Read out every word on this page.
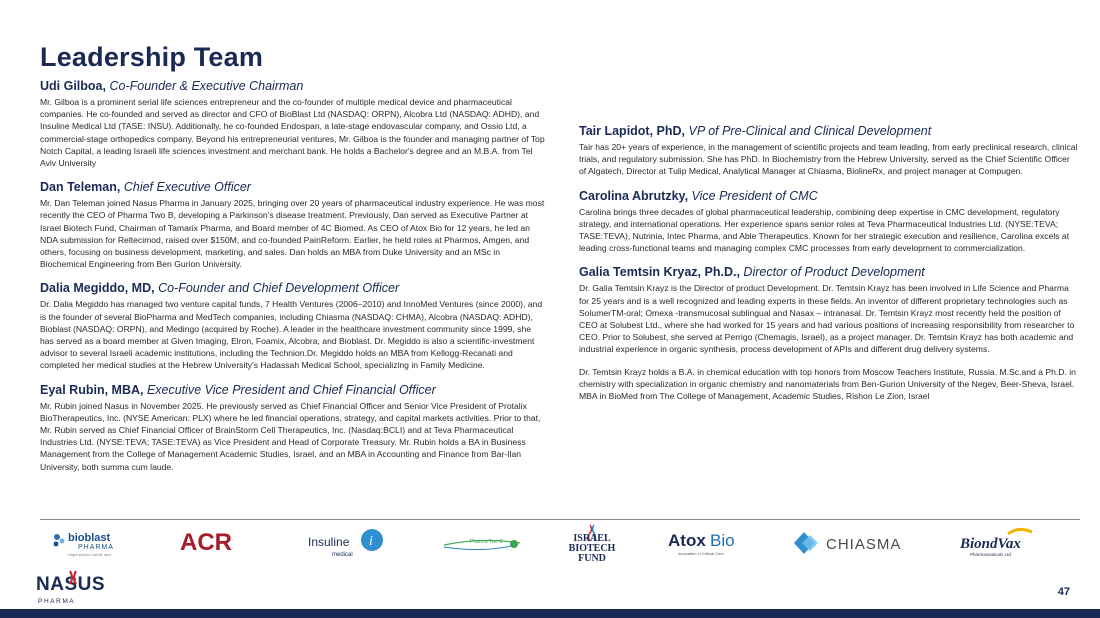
Leadership Team
Udi Gilboa, Co-Founder & Executive Chairman

Mr. Gilboa is a prominent serial life sciences entrepreneur and the co-founder of multiple medical device and pharmaceutical companies. He co-founded and served as director and CFO of BioBlast Ltd (NASDAQ: ORPN), Alcobra Ltd (NASDAQ: ADHD), and Insuline Medical Ltd (TASE: INSU). Additionally, he co-founded Endospan, a late-stage endovascular company, and Ossio Ltd, a commercial-stage orthopedics company. Beyond his entrepreneurial ventures, Mr. Gilboa is the founder and managing partner of Top Notch Capital, a leading Israeli life sciences investment and merchant bank. He holds a Bachelor's degree and an M.B.A. from Tel Aviv University

Dan Teleman, Chief Executive Officer

Mr. Dan Teleman joined Nasus Pharma in January 2025, bringing over 20 years of pharmaceutical industry experience. He was most recently the CEO of Pharma Two B, developing a Parkinson's disease treatment. Previously, Dan served as Executive Partner at Israel Biotech Fund, Chairman of Tamarix Pharma, and Board member of 4C Biomed. As CEO of Atox Bio for 12 years, he led an NDA submission for Reltecimod, raised over $150M, and co-founded PainReform. Earlier, he held roles at Pharmos, Amgen, and others, focusing on business development, marketing, and sales. Dan holds an MBA from Duke University and an MSc in Biochemical Engineering from Ben Gurion University.

Dalia Megiddo, MD, Co-Founder and Chief Development Officer

Dr. Dalia Megiddo has managed two venture capital funds, 7 Health Ventures (2006–2010) and InnoMed Ventures (since 2000), and is the founder of several BioPharma and MedTech companies, including Chiasma (NASDAQ: CHMA), Alcobra (NASDAQ: ADHD), Bioblast (NASDAQ: ORPN), and Medingo (acquired by Roche). A leader in the healthcare investment community since 1999, she has served as a board member at Given Imaging, Elron, Foamix, Alcobra, and Bioblast. Dr. Megiddo is also a scientific-investment advisor to several Israeli academic institutions, including the Technion.Dr. Megiddo holds an MBA from Kellogg-Recanati and completed her medical studies at the Hebrew University's Hadassah Medical School, specializing in Family Medicine.

Eyal Rubin, MBA, Executive Vice President and Chief Financial Officer

Mr. Rubin joined Nasus in November 2025. He previously served as Chief Financial Officer and Senior Vice President of Protalix BioTherapeutics, Inc. (NYSE American: PLX) where he led financial operations, strategy, and capital markets activities. Prior to that, Mr. Rubin served as Chief Financial Officer of BrainStorm Cell Therapeutics, Inc. (Nasdaq:BCLI) and at Teva Pharmaceutical Industries Ltd. (NYSE:TEVA; TASE:TEVA) as Vice President and Head of Corporate Treasury. Mr. Rubin holds a BA in Business Management from the College of Management Academic Studies, Israel, and an MBA in Accounting and Finance from Bar-Ilan University, both summa cum laude.

Tair Lapidot, PhD, VP of Pre-Clinical and Clinical Development

Tair has 20+ years of experience, in the management of scientific projects and team leading, from early preclinical research, clinical trials, and regulatory submission. She has PhD. In Biochemistry from the Hebrew University, served as the Chief Scientific Officer of Algatech, Director at Tulip Medical, Analytical Manager at Chiasma, BiolineRx, and project manager at Compugen.

Carolina Abrutzky, Vice President of CMC

Carolina brings three decades of global pharmaceutical leadership, combining deep expertise in CMC development, regulatory strategy, and international operations. Her experience spans senior roles at Teva Pharmaceutical Industries Ltd. (NYSE:TEVA; TASE:TEVA), Nutrinia, Intec Pharma, and Able Therapeutics. Known for her strategic execution and resilience, Carolina excels at leading cross-functional teams and managing complex CMC processes from early development to commercialization.

Galia Temtsin Kryaz, Ph.D., Director of Product Development

Dr. Galia Temtsin Krayz is the Director of product Development. Dr. Temtsin Krayz has been involved in Life Science and Pharma for 25 years and is a well recognized and leading experts in these fields. An inventor of different proprietary technologies such as SolumerTM-oral; Omexa -transmucosal sublingual and Nasax – intranasal. Dr. Temtsin Krayz most recently held the position of CEO at Solubest Ltd., where she had worked for 15 years and had various positions of increasing responsibility from researcher to CEO. Prior to Solubest, she served at Perrigo (Chemagis, Israel), as a project manager. Dr. Temtsin Krayz has both academic and industrial experience in organic synthesis, process development of APIs and different drug delivery systems.

Dr. Temtsin Krayz holds a B.A. in chemical education with top honors from Moscow Teachers Institute, Russia. M.Sc.and a Ph.D. in chemistry with specialization in organic chemistry and nanomaterials from Ben-Gurion University of the Negev, Beer-Sheva, Israel. MBA in BioMed from The College of Management, Academic Studies, Rishon Le Zion, Israel

bioblast
PHARMA
Hope should not be rare	ACR	Insuline
medical
i	Pharma Two B	ISRAEL
BIOTECH
FUND
Atox Bio
Innovation in Critical Care
CHIASMA	BiondVax
Pharmaceuticals Ltd.
NASUS
P H A R M A
47
